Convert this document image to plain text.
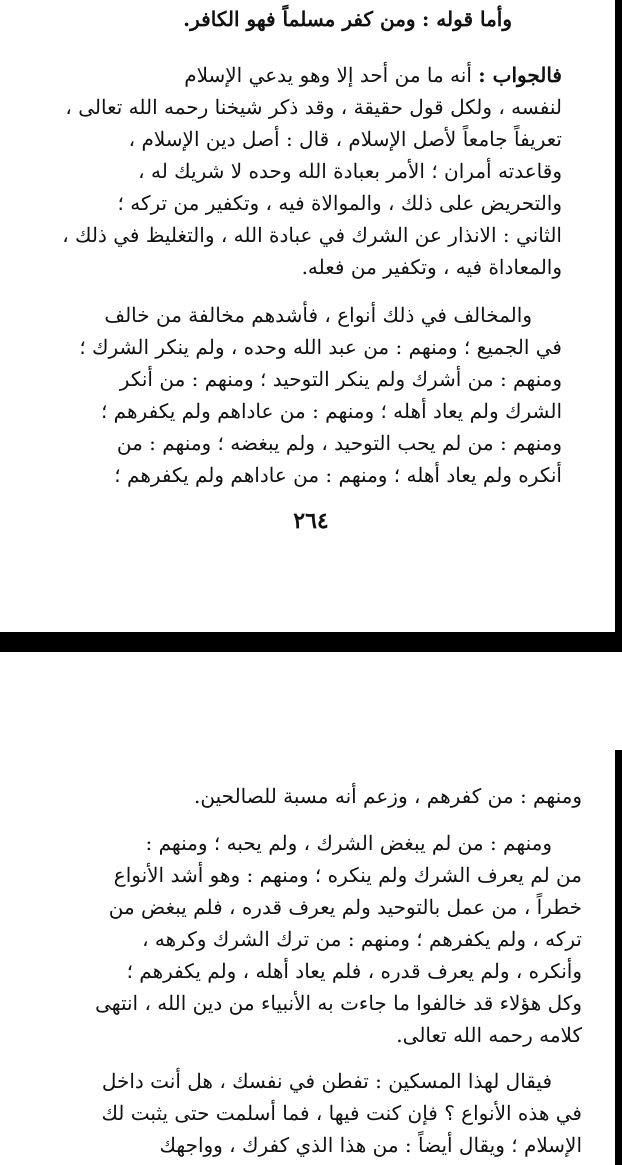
وأما قوله : ومن كفر مسلماً فهو الكافر.
فالجواب : أنه ما من أحد إلا وهو يدعي الإسلام
لنفسه ، ولكل قول حقيقة ، وقد ذكر شيخنا رحمه الله تعالى ،
تعريفاً جامعاً لأصل الإسلام ، قال : أصل دين الإسلام ،
وقاعدته أمران ؛ الأمر بعبادة الله وحده لا شريك له ،
والتحريض على ذلك ، والموالاة فيه ، وتكفير من تركه ؛
الثاني : الانذار عن الشرك في عبادة الله ، والتغليظ في ذلك ،
والمعاداة فيه ، وتكفير من فعله.
والمخالف في ذلك أنواع ، فأشدهم مخالفة من خالف
في الجميع ؛ ومنهم : من عبد الله وحده ، ولم ينكر الشرك ؛
ومنهم : من أشرك ولم ينكر التوحيد ؛ ومنهم : من أنكر
الشرك ولم يعاد أهله ؛ ومنهم : من عاداهم ولم يكفرهم ؛
ومنهم : من لم يحب التوحيد ، ولم يبغضه ؛ ومنهم : من
أنكره ولم يعاد أهله ؛ ومنهم : من عاداهم ولم يكفرهم ؛
٢٦٤
ومنهم : من كفرهم ، وزعم أنه مسبة للصالحين.
ومنهم : من لم يبغض الشرك ، ولم يحبه ؛ ومنهم :
من لم يعرف الشرك ولم ينكره ؛ ومنهم : وهو أشد الأنواع
خطراً ، من عمل بالتوحيد ولم يعرف قدره ، فلم يبغض من
تركه ، ولم يكفرهم ؛ ومنهم : من ترك الشرك وكرهه ،
وأنكره ، ولم يعرف قدره ، فلم يعاد أهله ، ولم يكفرهم ؛
وكل هؤلاء قد خالفوا ما جاءت به الأنبياء من دين الله ، انتهى
كلامه رحمه الله تعالى.
فيقال لهذا المسكين : تفطن في نفسك ، هل أنت داخل
في هذه الأنواع ؟ فإن كنت فيها ، فما أسلمت حتى يثبت لك
الإسلام ؛ ويقال أيضاً : من هذا الذي كفرك ، وواجهك
